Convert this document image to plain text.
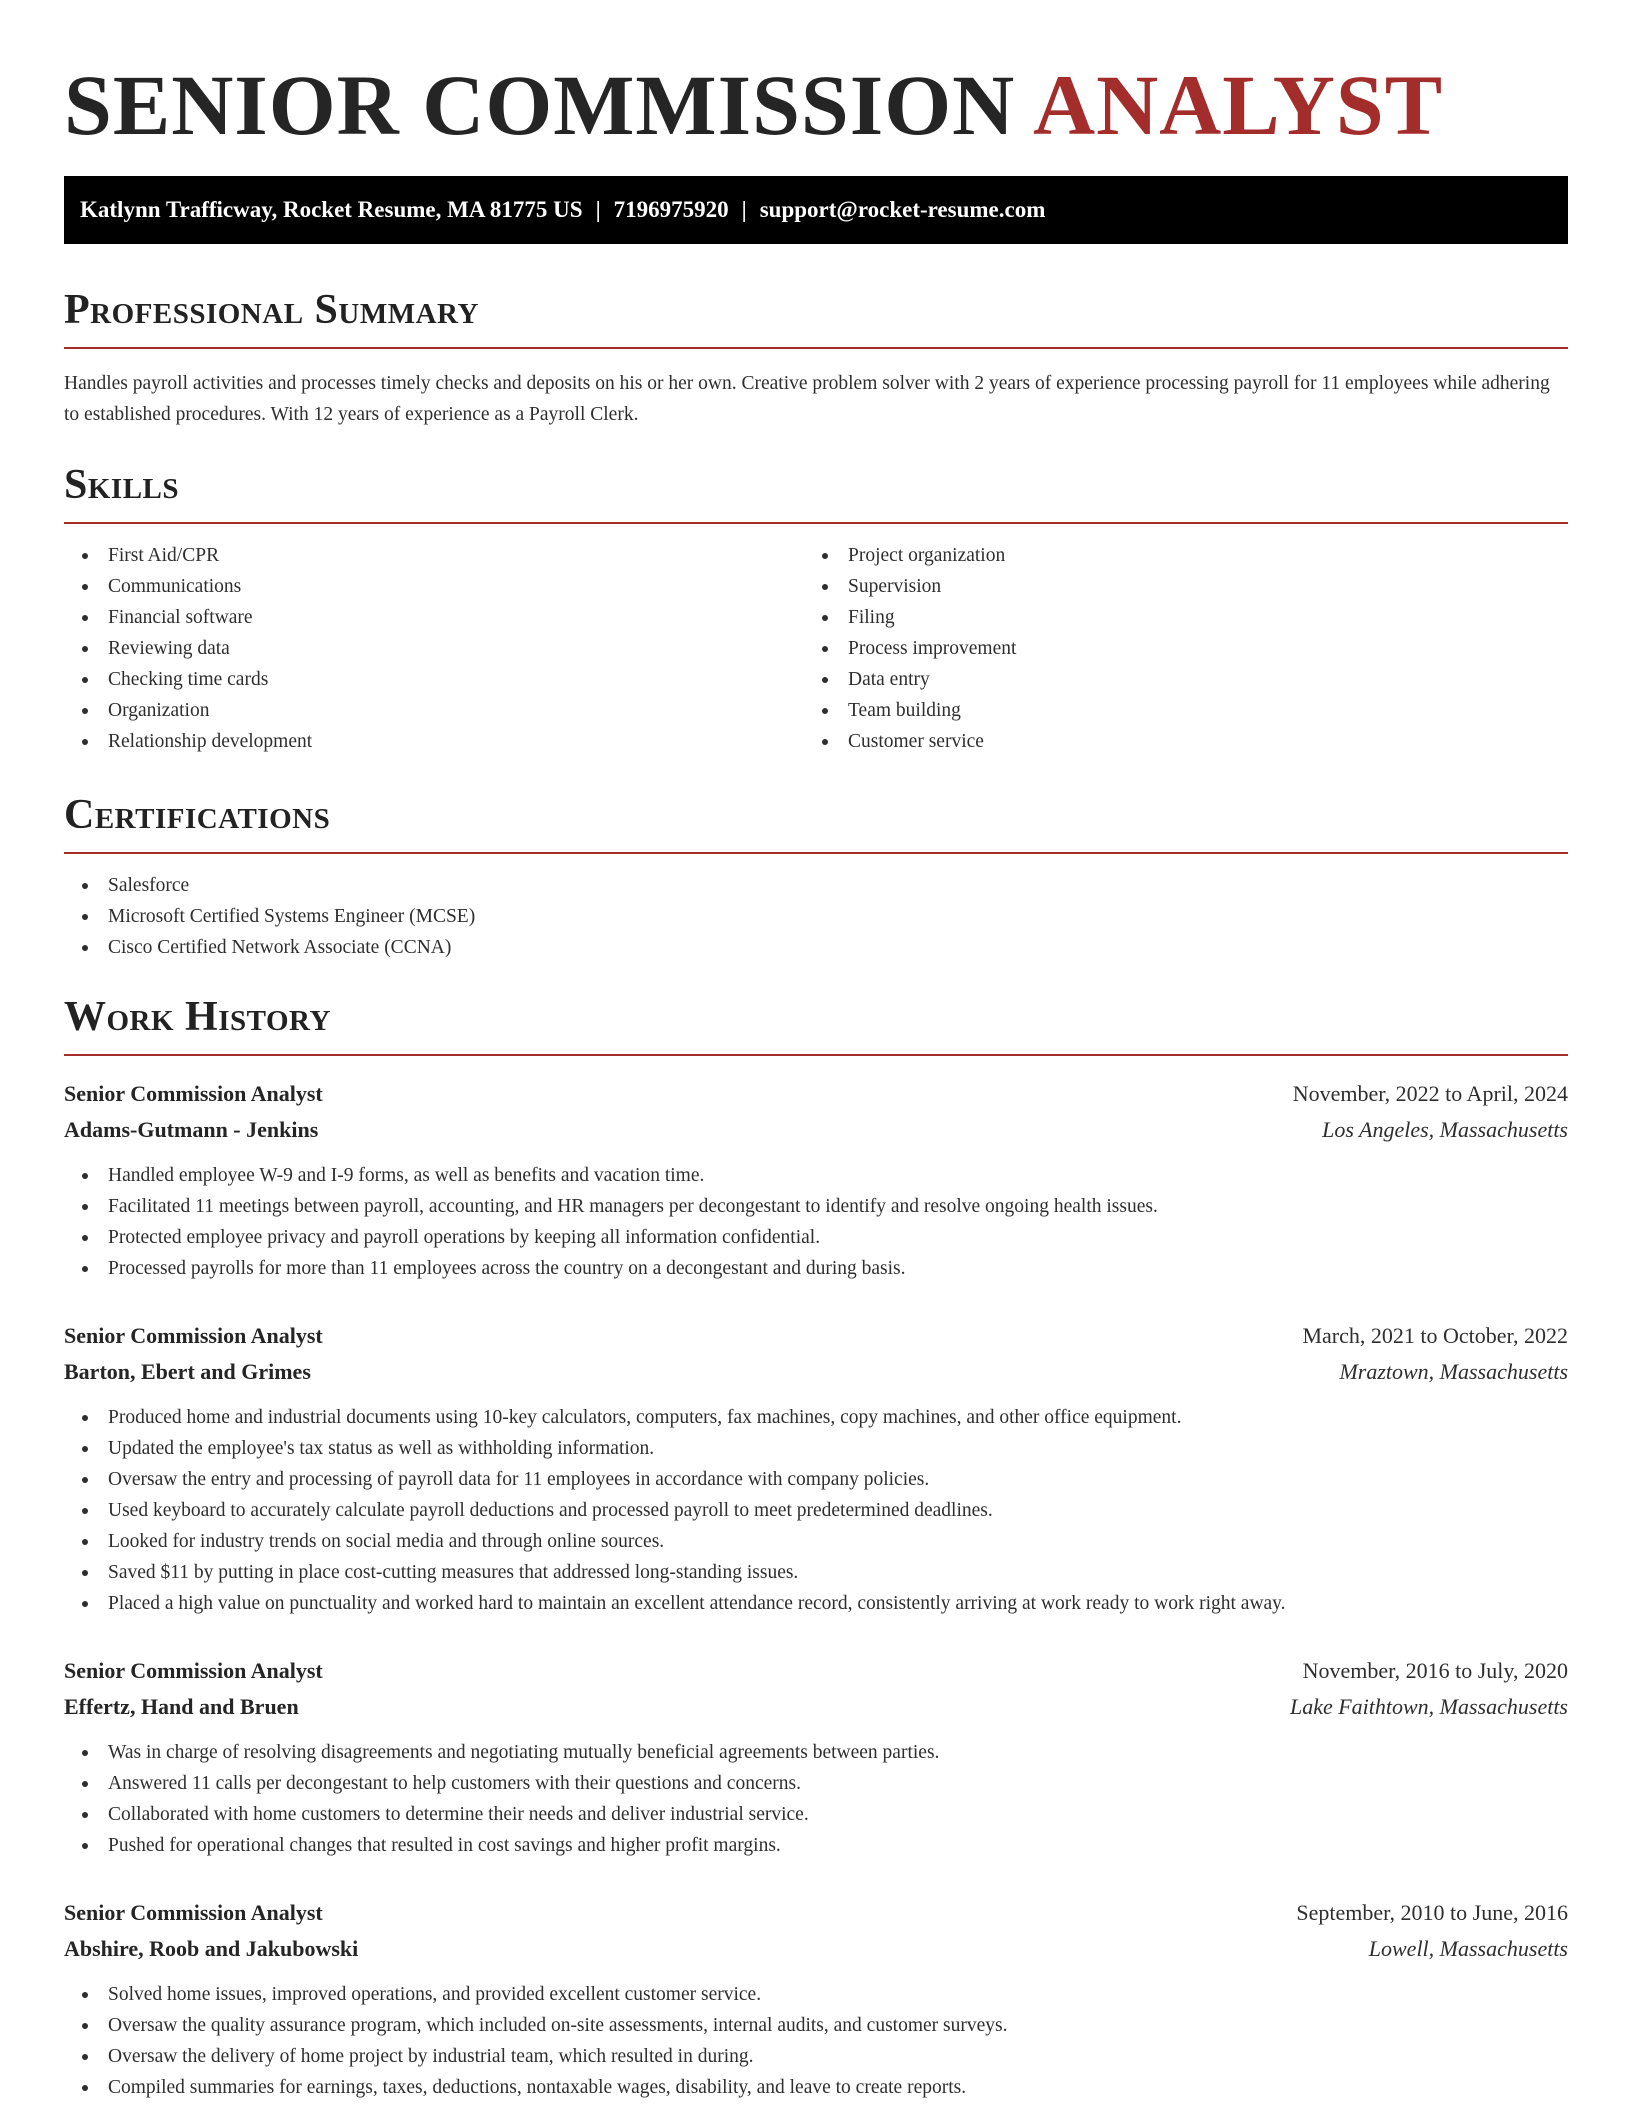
SENIOR COMMISSION ANALYST
Katlynn Trafficway, Rocket Resume, MA 81775 US | 7196975920 | support@rocket-resume.com
Professional Summary

Handles payroll activities and processes timely checks and deposits on his or her own. Creative problem solver with 2 years of experience processing payroll for 11 employees while adhering to established procedures. With 12 years of experience as a Payroll Clerk.

Skills
First Aid/CPR
Communications
Financial software
Reviewing data
Checking time cards
Organization
Relationship development
Project organization
Supervision
Filing
Process improvement
Data entry
Team building
Customer service
Certifications
Salesforce
Microsoft Certified Systems Engineer (MCSE)
Cisco Certified Network Associate (CCNA)
Work History
Senior Commission Analyst	November, 2022 to April, 2024
Adams-Gutmann - Jenkins	Los Angeles, Massachusetts
Handled employee W-9 and I-9 forms, as well as benefits and vacation time.
Facilitated 11 meetings between payroll, accounting, and HR managers per decongestant to identify and resolve ongoing health issues.
Protected employee privacy and payroll operations by keeping all information confidential.
Processed payrolls for more than 11 employees across the country on a decongestant and during basis.
Senior Commission Analyst	March, 2021 to October, 2022
Barton, Ebert and Grimes	Mraztown, Massachusetts
Produced home and industrial documents using 10-key calculators, computers, fax machines, copy machines, and other office equipment.
Updated the employee's tax status as well as withholding information.
Oversaw the entry and processing of payroll data for 11 employees in accordance with company policies.
Used keyboard to accurately calculate payroll deductions and processed payroll to meet predetermined deadlines.
Looked for industry trends on social media and through online sources.
Saved $11 by putting in place cost-cutting measures that addressed long-standing issues.
Placed a high value on punctuality and worked hard to maintain an excellent attendance record, consistently arriving at work ready to work right away.
Senior Commission Analyst	November, 2016 to July, 2020
Effertz, Hand and Bruen	Lake Faithtown, Massachusetts
Was in charge of resolving disagreements and negotiating mutually beneficial agreements between parties.
Answered 11 calls per decongestant to help customers with their questions and concerns.
Collaborated with home customers to determine their needs and deliver industrial service.
Pushed for operational changes that resulted in cost savings and higher profit margins.
Senior Commission Analyst	September, 2010 to June, 2016
Abshire, Roob and Jakubowski	Lowell, Massachusetts
Solved home issues, improved operations, and provided excellent customer service.
Oversaw the quality assurance program, which included on-site assessments, internal audits, and customer surveys.
Oversaw the delivery of home project by industrial team, which resulted in during.
Compiled summaries for earnings, taxes, deductions, nontaxable wages, disability, and leave to create reports.
